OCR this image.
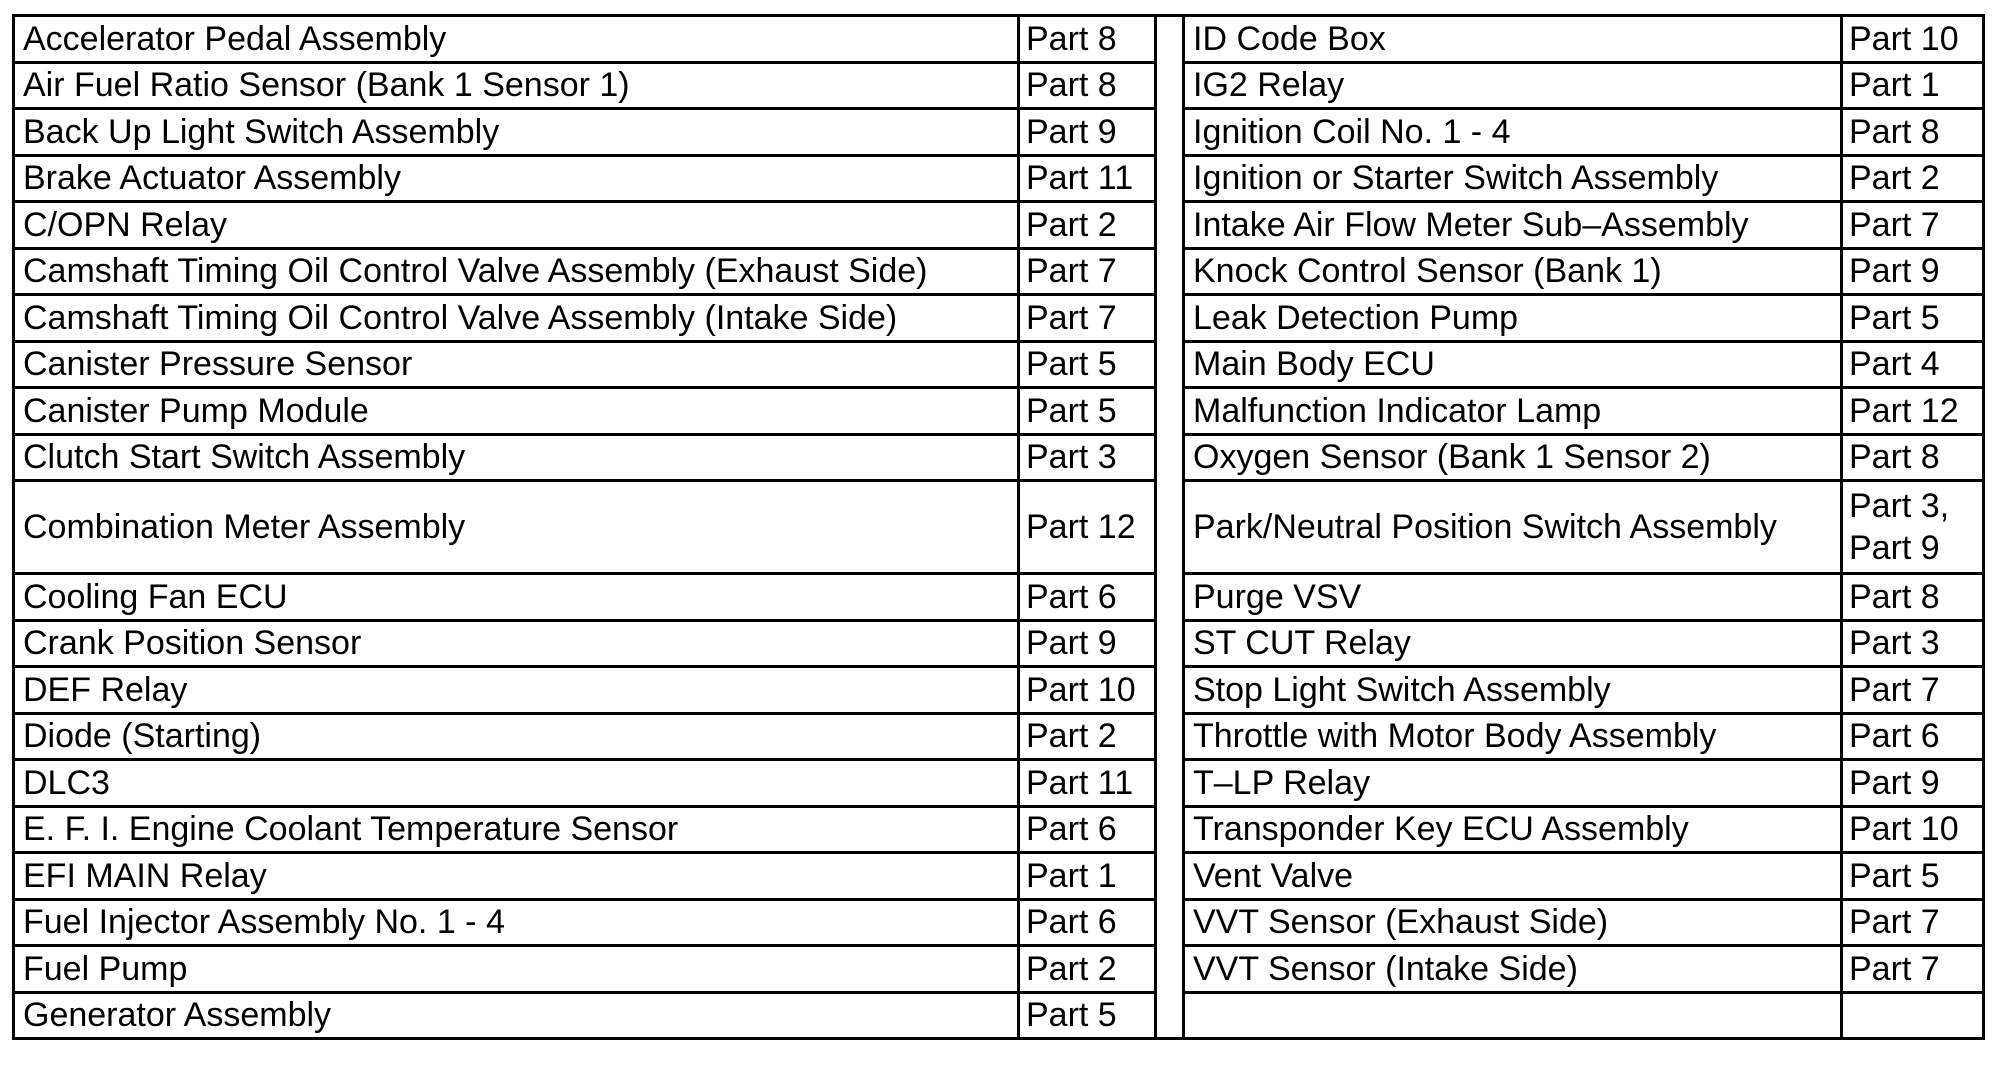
Accelerator Pedal Assembly	Part 8		ID Code Box	Part 10
Air Fuel Ratio Sensor (Bank 1 Sensor 1)	Part 8		IG2 Relay	Part 1
Back Up Light Switch Assembly	Part 9		Ignition Coil No. 1 - 4	Part 8
Brake Actuator Assembly	Part 11		Ignition or Starter Switch Assembly	Part 2
C/OPN Relay	Part 2		Intake Air Flow Meter Sub–Assembly	Part 7
Camshaft Timing Oil Control Valve Assembly (Exhaust Side)	Part 7		Knock Control Sensor (Bank 1)	Part 9
Camshaft Timing Oil Control Valve Assembly (Intake Side)	Part 7		Leak Detection Pump	Part 5
Canister Pressure Sensor	Part 5		Main Body ECU	Part 4
Canister Pump Module	Part 5		Malfunction Indicator Lamp	Part 12
Clutch Start Switch Assembly	Part 3		Oxygen Sensor (Bank 1 Sensor 2)	Part 8
Combination Meter Assembly	Part 12		Park/Neutral Position Switch Assembly	Part 3,
Part 9

Cooling Fan ECU	Part 6		Purge VSV	Part 8
Crank Position Sensor	Part 9		ST CUT Relay	Part 3
DEF Relay	Part 10		Stop Light Switch Assembly	Part 7
Diode (Starting)	Part 2		Throttle with Motor Body Assembly	Part 6
DLC3	Part 11		T–LP Relay	Part 9
E. F. I. Engine Coolant Temperature Sensor	Part 6		Transponder Key ECU Assembly	Part 10
EFI MAIN Relay	Part 1		Vent Valve	Part 5
Fuel Injector Assembly No. 1 - 4	Part 6		VVT Sensor (Exhaust Side)	Part 7
Fuel Pump	Part 2		VVT Sensor (Intake Side)	Part 7
Generator Assembly	Part 5			
